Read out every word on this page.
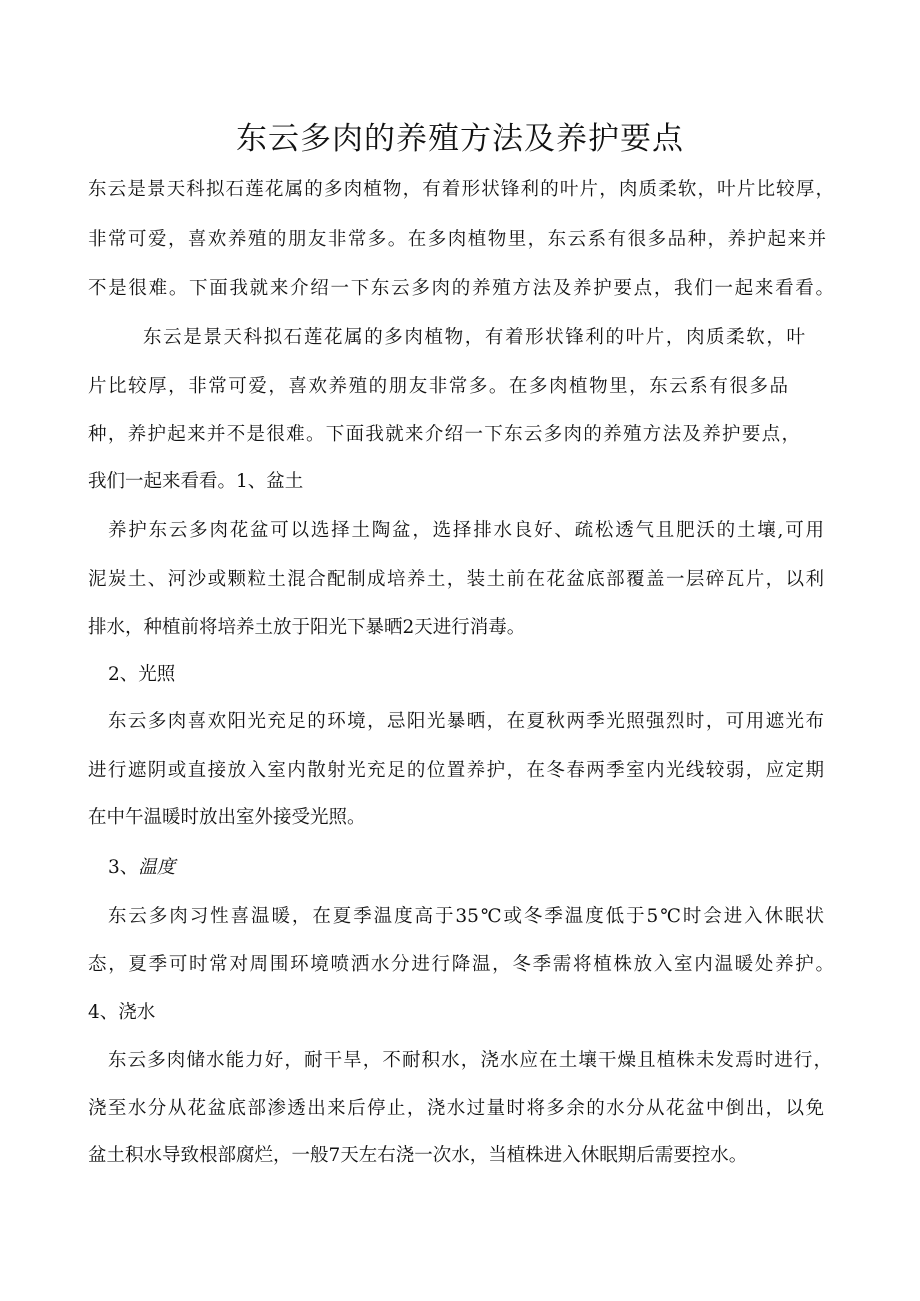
东云多肉的养殖方法及养护要点
东云是景天科拟石莲花属的多肉植物，有着形状锋利的叶片，肉质柔软，叶片比较厚，
非常可爱，喜欢养殖的朋友非常多。在多肉植物里，东云系有很多品种，养护起来并
不是很难。下面我就来介绍一下东云多肉的养殖方法及养护要点，我们一起来看看。
东云是景天科拟石莲花属的多肉植物，有着形状锋利的叶片，肉质柔软，叶
片比较厚，非常可爱，喜欢养殖的朋友非常多。在多肉植物里，东云系有很多品
种，养护起来并不是很难。下面我就来介绍一下东云多肉的养殖方法及养护要点，
我们一起来看看。1、盆土
养护东云多肉花盆可以选择土陶盆，选择排水良好、疏松透气且肥沃的土壤,可用
泥炭土、河沙或颗粒土混合配制成培养土，装土前在花盆底部覆盖一层碎瓦片，以利
排水，种植前将培养土放于阳光下暴晒2天进行消毒。
2、光照
东云多肉喜欢阳光充足的环境，忌阳光暴晒，在夏秋两季光照强烈时，可用遮光布
进行遮阴或直接放入室内散射光充足的位置养护，在冬春两季室内光线较弱，应定期
在中午温暖时放出室外接受光照。
3、温度
东云多肉习性喜温暖，在夏季温度高于35℃或冬季温度低于5℃时会进入休眠状
态，夏季可时常对周围环境喷洒水分进行降温，冬季需将植株放入室内温暖处养护。
4、浇水
东云多肉储水能力好，耐干旱，不耐积水，浇水应在土壤干燥且植株未发焉时进行，
浇至水分从花盆底部渗透出来后停止，浇水过量时将多余的水分从花盆中倒出，以免
盆土积水导致根部腐烂，一般7天左右浇一次水，当植株进入休眠期后需要控水。
